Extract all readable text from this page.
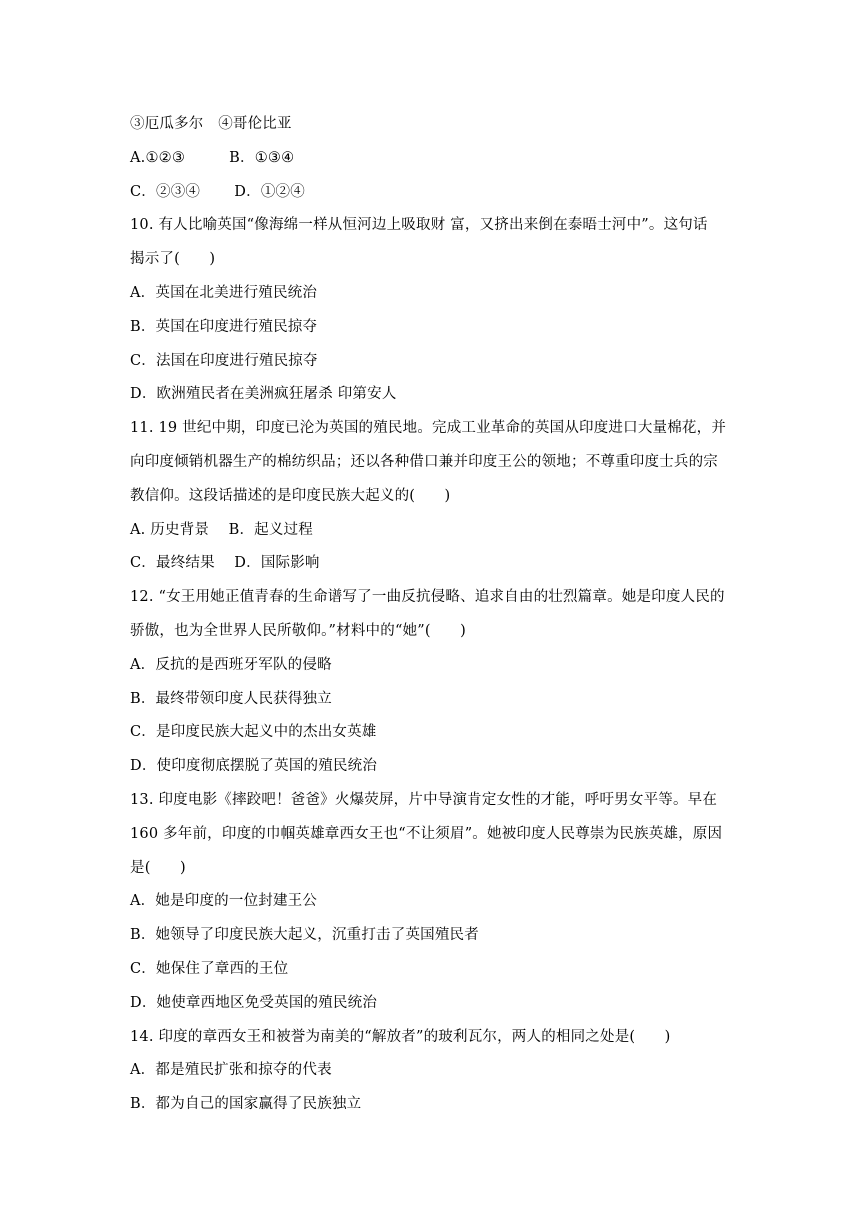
③厄瓜多尔　④哥伦比亚
A.①②③　　　B．①③④
C．②③④　　 D．①②④
10. 有人比喻英国“像海绵一样从恒河边上吸取财 富，又挤出来倒在泰晤士河中”。这句话
揭示了(　　)
A．英国在北美进行殖民统治
B．英国在印度进行殖民掠夺
C．法国在印度进行殖民掠夺
D．欧洲殖民者在美洲疯狂屠杀 印第安人
11. 19 世纪中期，印度已沦为英国的殖民地。完成工业革命的英国从印度进口大量棉花，并
向印度倾销机器生产的棉纺织品；还以各种借口兼并印度王公的领地；不尊重印度士兵的宗
教信仰。这段话描述的是印度民族大起义的(　　)
A. 历史背景　 B．起义过程
C．最终结果　 D．国际影响
12. “女王用她正值青春的生命谱写了一曲反抗侵略、追求自由的壮烈篇章。她是印度人民的
骄傲，也为全世界人民所敬仰。”材料中的“她”(　　)
A．反抗的是西班牙军队的侵略
B．最终带领印度人民获得独立
C．是印度民族大起义中的杰出女英雄
D．使印度彻底摆脱了英国的殖民统治
13. 印度电影《摔跤吧！爸爸》火爆荧屏，片中导演肯定女性的才能，呼吁男女平等。早在
160 多年前，印度的巾帼英雄章西女王也“不让须眉”。她被印度人民尊崇为民族英雄，原因
是(　　)
A．她是印度的一位封建王公
B．她领导了印度民族大起义，沉重打击了英国殖民者
C．她保住了章西的王位
D．她使章西地区免受英国的殖民统治
14. 印度的章西女王和被誉为南美的“解放者”的玻利瓦尔，两人的相同之处是(　　)
A．都是殖民扩张和掠夺的代表
B．都为自己的国家赢得了民族独立
